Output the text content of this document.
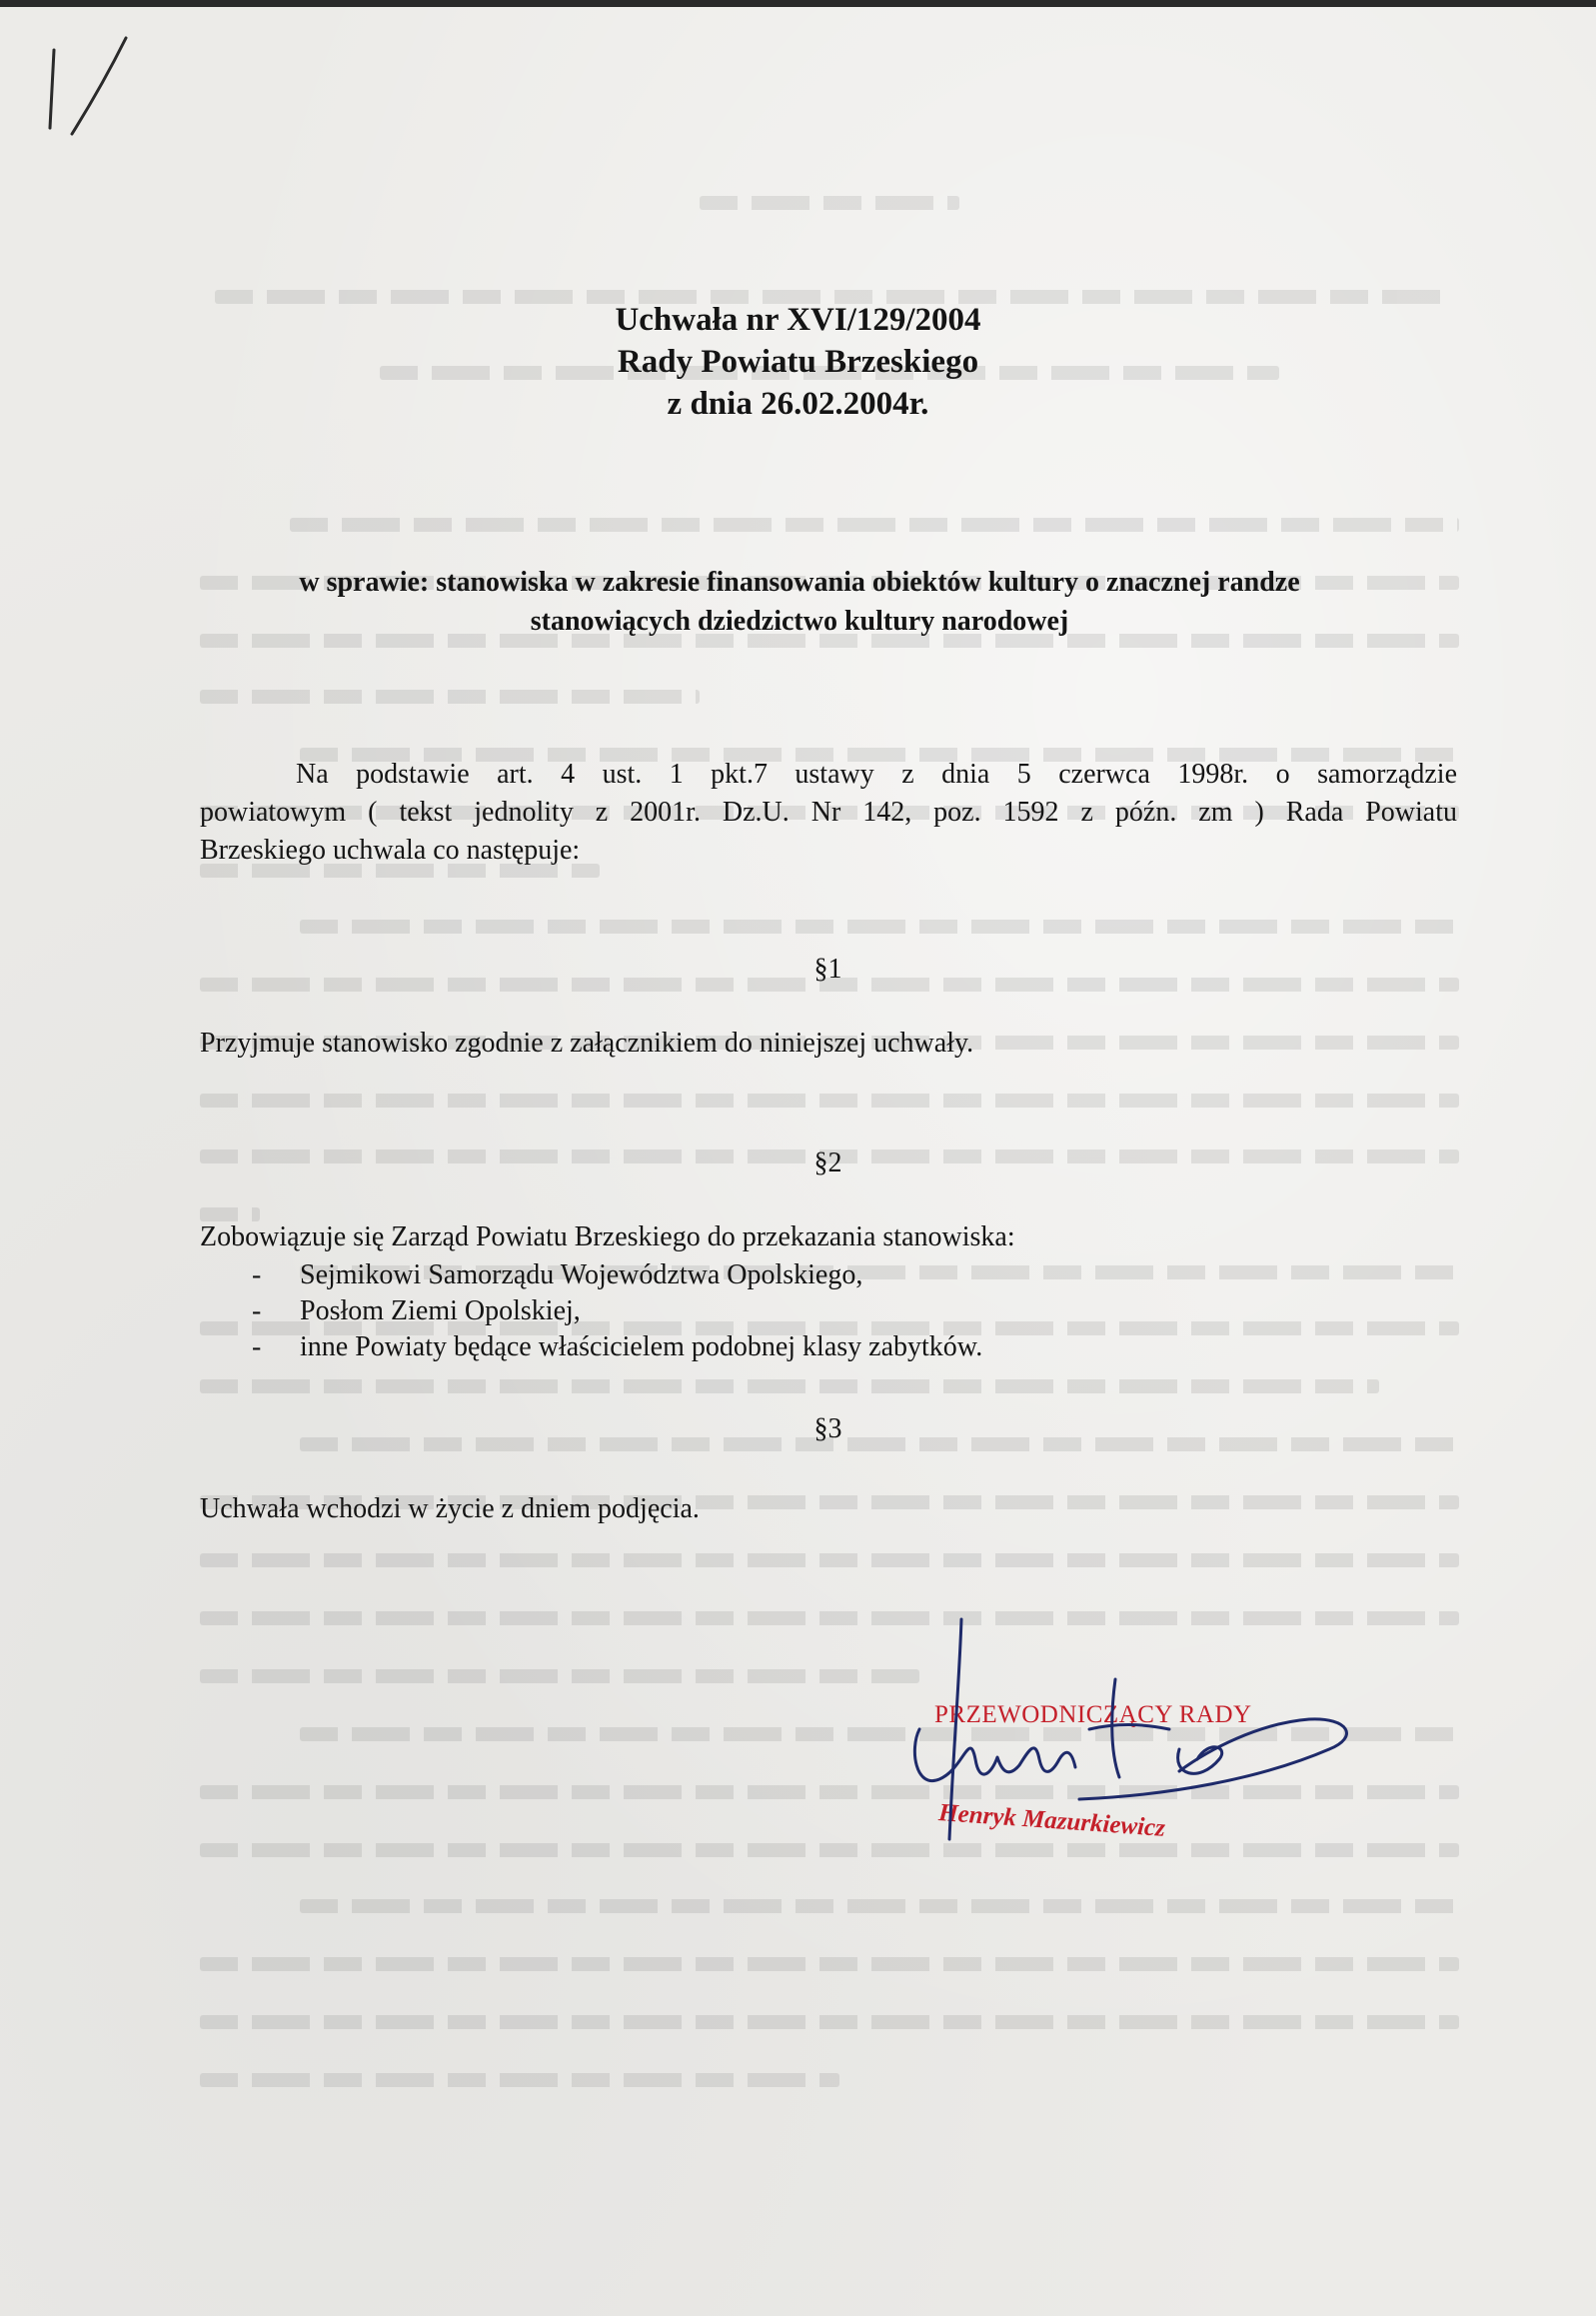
Uchwała nr XVI/129/2004
Rady Powiatu Brzeskiego
z dnia 26.02.2004r.
w sprawie: stanowiska w zakresie finansowania obiektów kultury o znacznej randze
stanowiących dziedzictwo kultury narodowej
Na podstawie art. 4 ust. 1 pkt.7 ustawy z dnia 5 czerwca 1998r. o samorządzie
powiatowym ( tekst jednolity z 2001r. Dz.U. Nr 142, poz. 1592 z późn. zm ) Rada Powiatu
Brzeskiego uchwala co następuje:
§1
Przyjmuje stanowisko zgodnie z załącznikiem do niniejszej uchwały.
§2
Zobowiązuje się Zarząd Powiatu Brzeskiego do przekazania stanowiska:
- Sejmikowi Samorządu Województwa Opolskiego,
- Posłom Ziemi Opolskiej,
- inne Powiaty będące właścicielem podobnej klasy zabytków.
§3
Uchwała wchodzi w życie z dniem podjęcia.
PRZEWODNICZĄCY RADY
Henryk Mazurkiewicz
